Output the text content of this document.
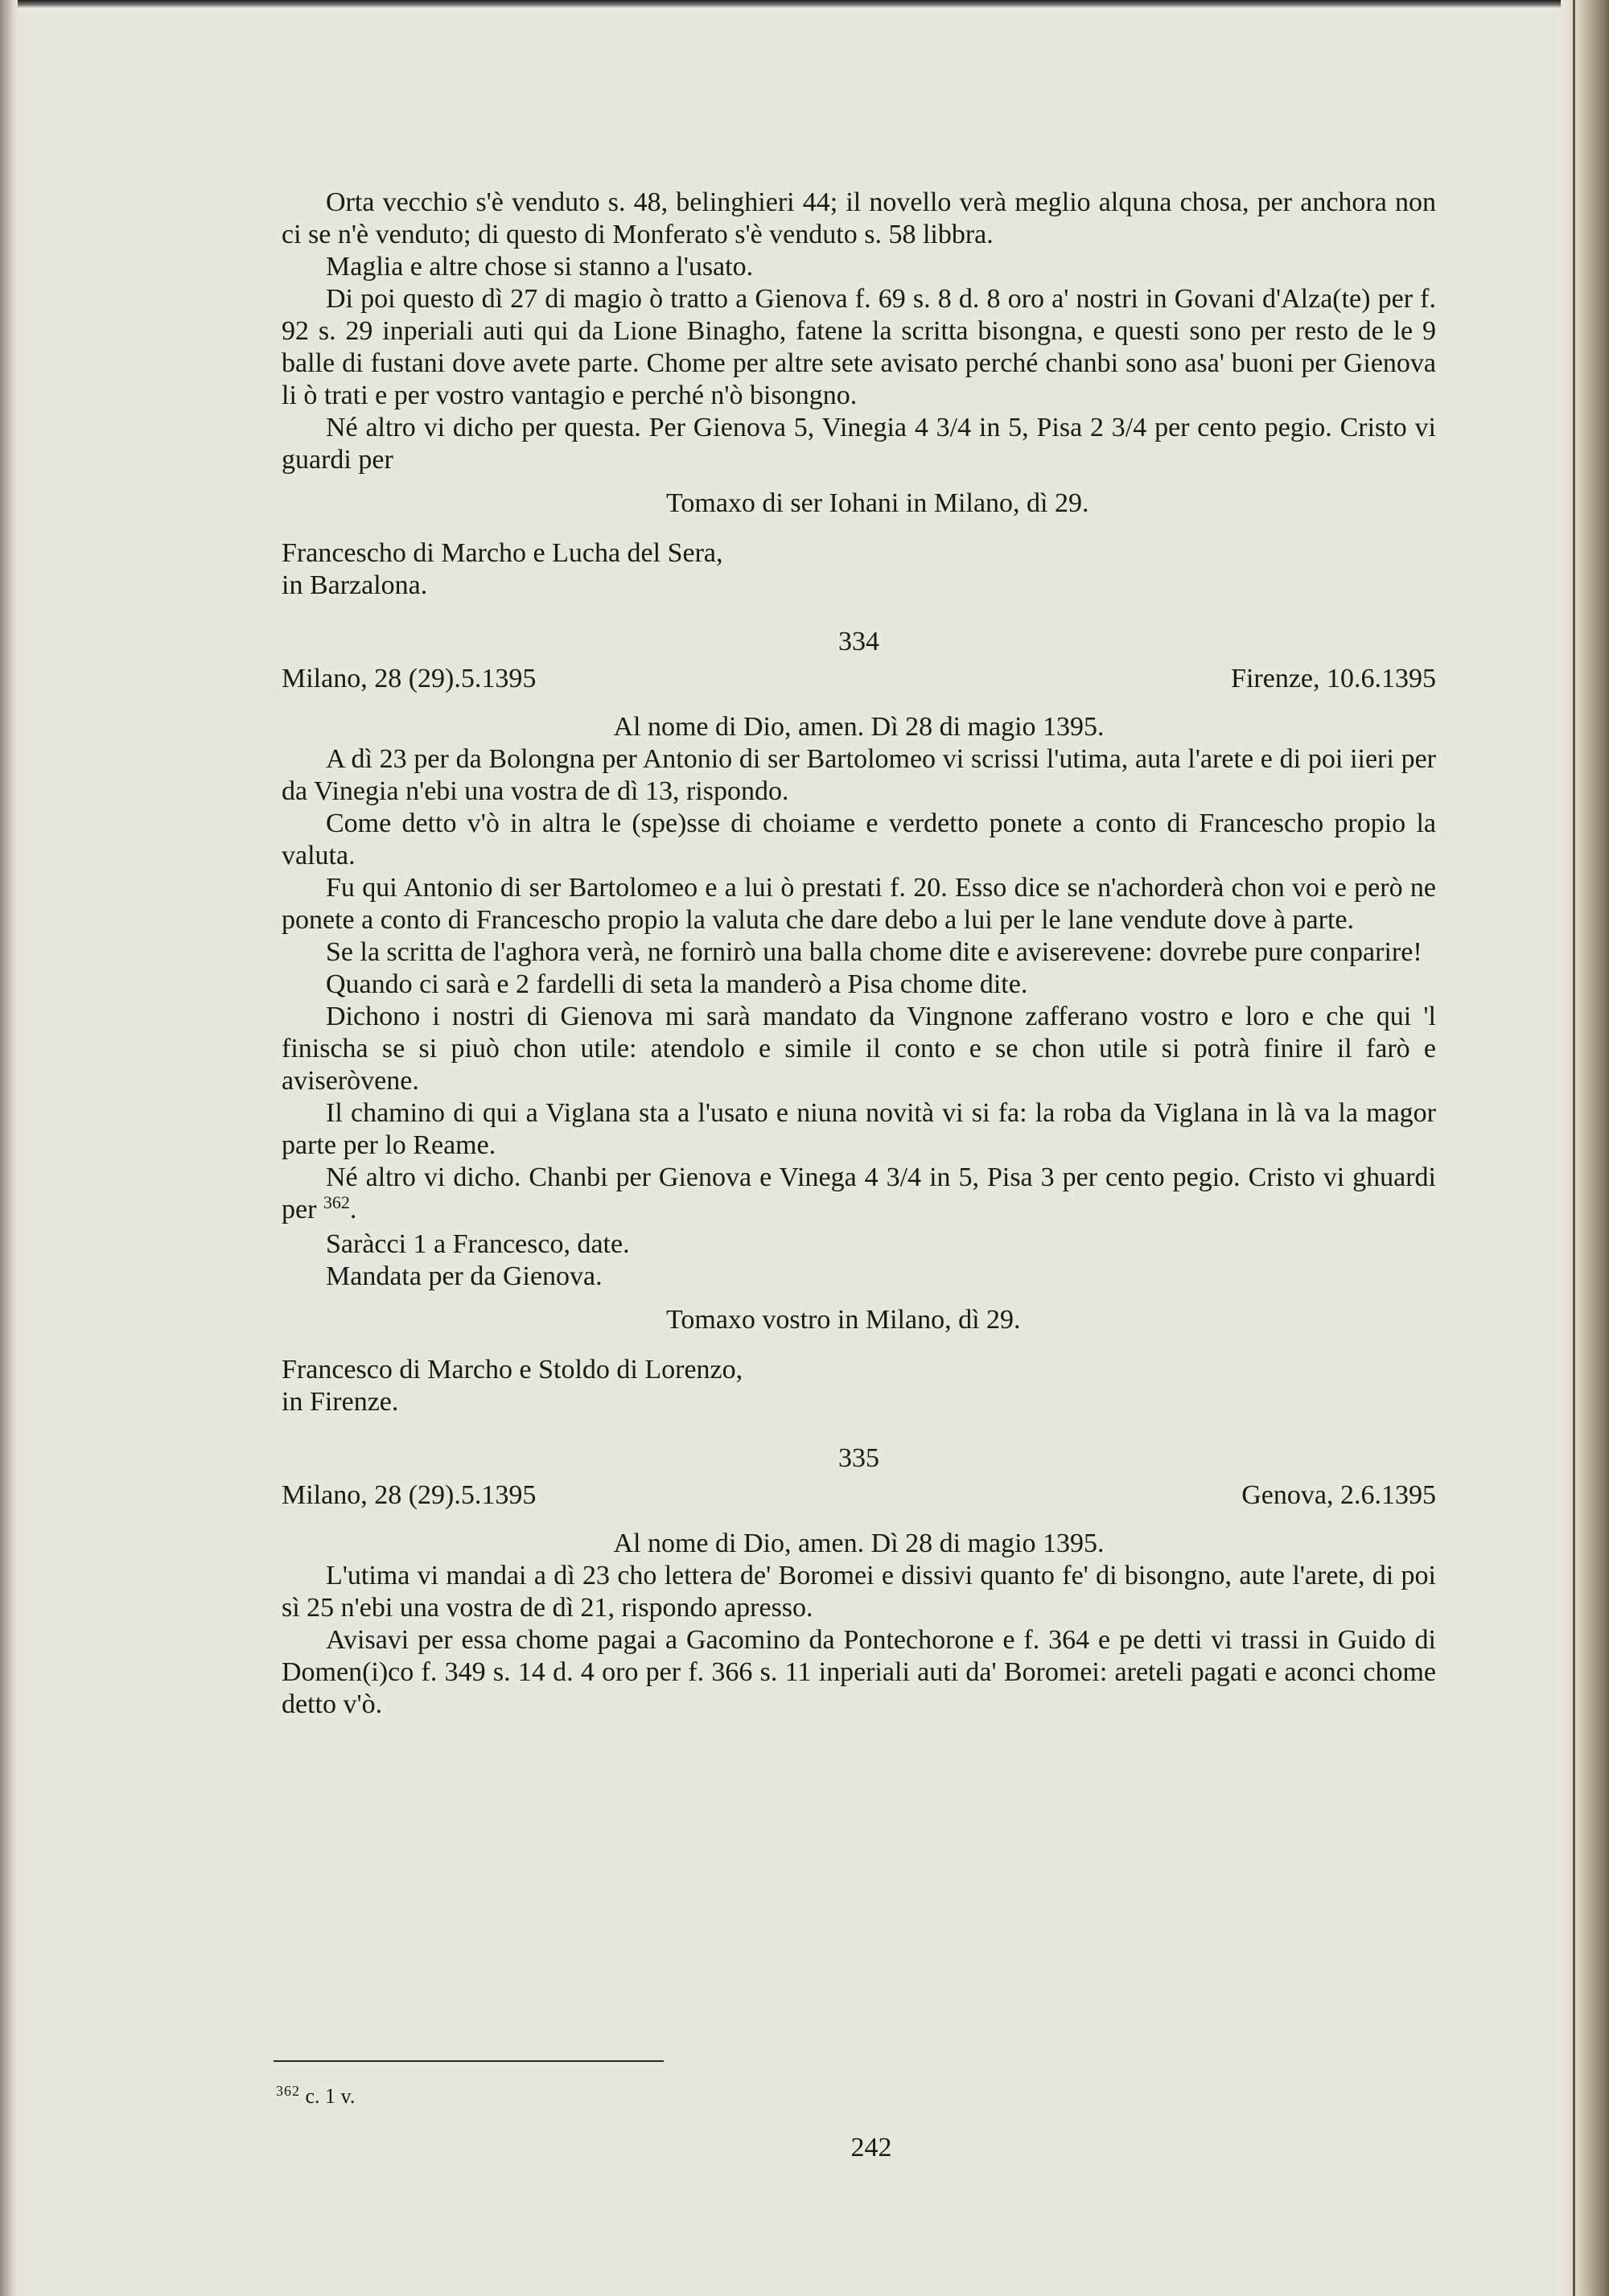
Orta vecchio s'è venduto s. 48, belinghieri 44; il novello verà meglio alquna chosa, per anchora non ci se n'è venduto; di questo di Monferato s'è venduto s. 58 libbra.

Maglia e altre chose si stanno a l'usato.

Di poi questo dì 27 di magio ò tratto a Gienova f. 69 s. 8 d. 8 oro a' nostri in Govani d'Alza(te) per f. 92 s. 29 inperiali auti qui da Lione Binagho, fatene la scritta bisongna, e questi sono per resto de le 9 balle di fustani dove avete parte. Chome per altre sete avisato perché chanbi sono asa' buoni per Gienova li ò trati e per vostro vantagio e perché n'ò bisongno.

Né altro vi dicho per questa. Per Gienova 5, Vinegia 4 3/4 in 5, Pisa 2 3/4 per cento pegio. Cristo vi guardi per

Tomaxo di ser Iohani in Milano, dì 29.

Francescho di Marcho e Lucha del Sera,

in Barzalona.

334

Milano, 28 (29).5.1395	Firenze, 10.6.1395

Al nome di Dio, amen. Dì 28 di magio 1395.

A dì 23 per da Bolongna per Antonio di ser Bartolomeo vi scrissi l'utima, auta l'arete e di poi iieri per da Vinegia n'ebi una vostra de dì 13, rispondo.

Come detto v'ò in altra le (spe)sse di choiame e verdetto ponete a conto di Francescho propio la valuta.

Fu qui Antonio di ser Bartolomeo e a lui ò prestati f. 20. Esso dice se n'achorderà chon voi e però ne ponete a conto di Francescho propio la valuta che dare debo a lui per le lane vendute dove à parte.

Se la scritta de l'aghora verà, ne fornirò una balla chome dite e aviserevene: dovrebe pure conparire!

Quando ci sarà e 2 fardelli di seta la manderò a Pisa chome dite.

Dichono i nostri di Gienova mi sarà mandato da Vingnone zafferano vostro e loro e che qui 'l finischa se si piuò chon utile: atendolo e simile il conto e se chon utile si potrà finire il farò e aviseròvene.

Il chamino di qui a Viglana sta a l'usato e niuna novità vi si fa: la roba da Viglana in là va la magor parte per lo Reame.

Né altro vi dicho. Chanbi per Gienova e Vinega 4 3/4 in 5, Pisa 3 per cento pegio. Cristo vi ghuardi per $^{362}$.

Saràcci 1 a Francesco, date.

Mandata per da Gienova.

Tomaxo vostro in Milano, dì 29.

Francesco di Marcho e Stoldo di Lorenzo,

in Firenze.

335

Milano, 28 (29).5.1395	Genova, 2.6.1395

Al nome di Dio, amen. Dì 28 di magio 1395.

L'utima vi mandai a dì 23 cho lettera de' Boromei e dissivi quanto fe' di bisongno, aute l'arete, di poi sì 25 n'ebi una vostra de dì 21, rispondo apresso.

Avisavi per essa chome pagai a Gacomino da Pontechorone e f. 364 e pe detti vi trassi in Guido di Domen(i)co f. 349 s. 14 d. 4 oro per f. 366 s. 11 inperiali auti da' Boromei: areteli pagati e aconci chome detto v'ò.

$^{362}$ c. 1 v.
242
